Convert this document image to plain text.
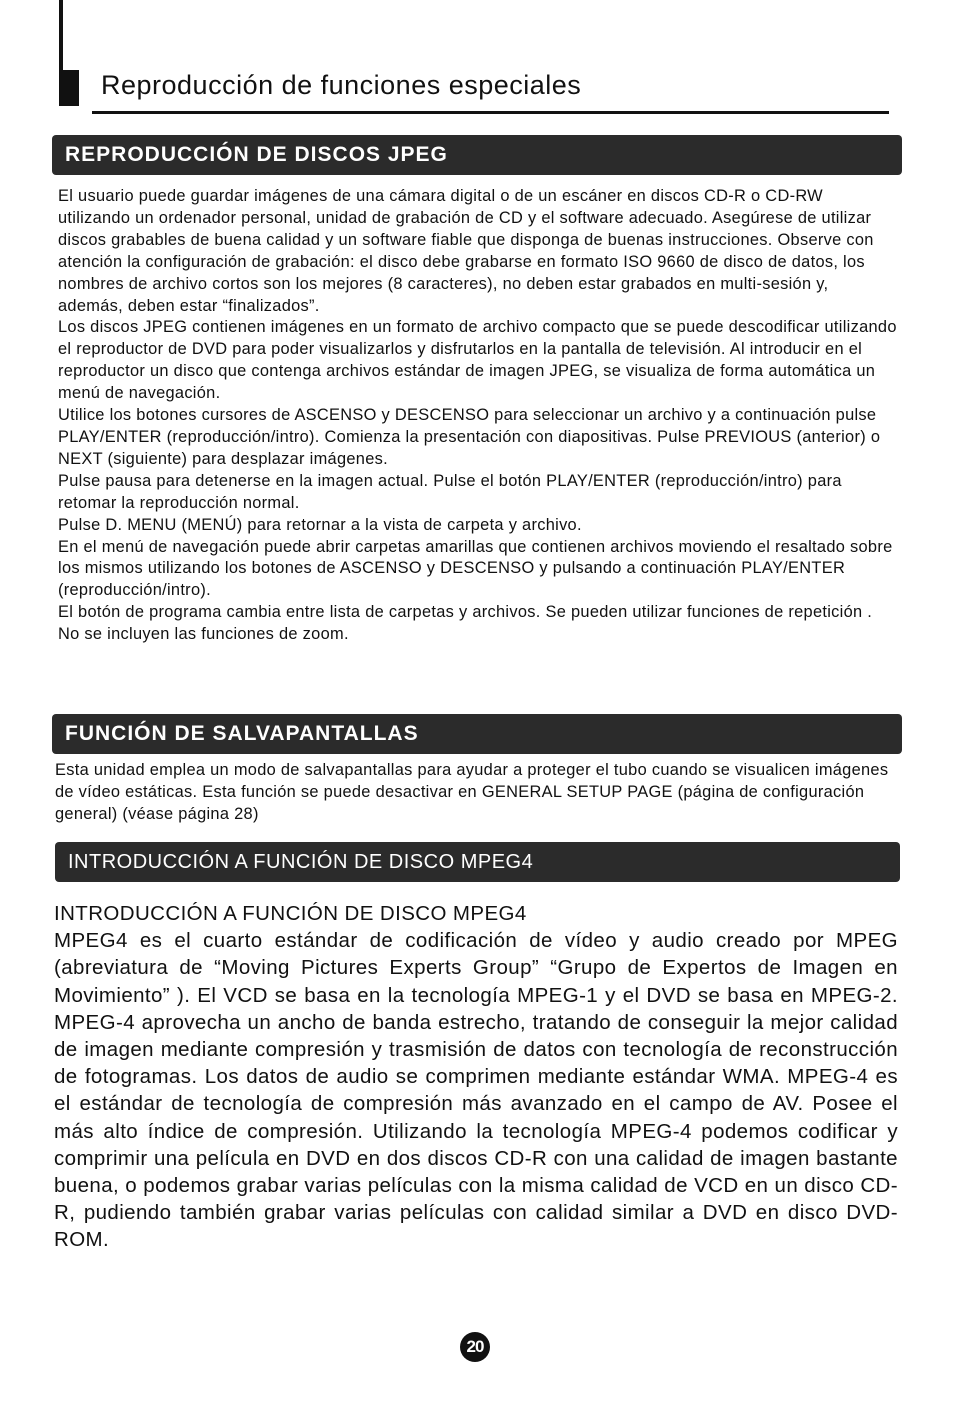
Reproducción de funciones especiales
REPRODUCCIÓN DE DISCOS JPEG

El usuario puede guardar imágenes de una cámara digital o de un escáner en discos CD-R o CD-RW utilizando un ordenador personal, unidad de grabación de CD y el software adecuado. Asegúrese de utilizar discos grabables de buena calidad y un software fiable que disponga de buenas instrucciones. Observe con atención la configuración de grabación: el disco debe grabarse en formato ISO 9660 de disco de datos, los nombres de archivo cortos son los mejores (8 caracteres), no deben estar grabados en multi-sesión y, además, deben estar “finalizados”.

Los discos JPEG contienen imágenes en un formato de archivo compacto que se puede descodificar utilizando el reproductor de DVD para poder visualizarlos y disfrutarlos en la pantalla de televisión. Al introducir en el reproductor un disco que contenga archivos estándar de imagen JPEG, se visualiza de forma automática un menú de navegación.

Utilice los botones cursores de ASCENSO y DESCENSO para seleccionar un archivo y a continuación pulse PLAY/ENTER (reproducción/intro). Comienza la presentación con diapositivas. Pulse PREVIOUS (anterior) o NEXT (siguiente) para desplazar imágenes.

Pulse pausa para detenerse en la imagen actual. Pulse el botón PLAY/ENTER (reproducción/intro) para retomar la reproducción normal.

Pulse D. MENU (MENÚ) para retornar a la vista de carpeta y archivo.

En el menú de navegación puede abrir carpetas amarillas que contienen archivos moviendo el resaltado sobre los mismos utilizando los botones de ASCENSO y DESCENSO y pulsando a continuación PLAY/ENTER (reproducción/intro).

El botón de programa cambia entre lista de carpetas y archivos. Se pueden utilizar funciones de repetición .

No se incluyen las funciones de zoom.

FUNCIÓN DE SALVAPANTALLAS

Esta unidad emplea un modo de salvapantallas para ayudar a proteger el tubo cuando se visualicen imágenes de vídeo estáticas. Esta función se puede desactivar en GENERAL SETUP PAGE (página de configuración general) (véase página 28)

INTRODUCCIÓN A FUNCIÓN DE DISCO MPEG4

INTRODUCCIÓN A FUNCIÓN DE DISCO MPEG4

MPEG4 es el cuarto estándar de codificación de vídeo y audio creado por MPEG (abreviatura de “Moving Pictures Experts Group” “Grupo de Expertos de Imagen en Movimiento” ). El VCD se basa en la tecnología MPEG-1 y el DVD se basa en MPEG-2. MPEG-4 aprovecha un ancho de banda estrecho, tratando de conseguir la mejor calidad de imagen mediante compresión y trasmisión de datos con tecnología de reconstrucción de fotogramas. Los datos de audio se comprimen mediante estándar WMA. MPEG-4 es el estándar de tecnología de compresión más avanzado en el campo de AV. Posee el más alto índice de compresión. Utilizando la tecnología MPEG-4 podemos codificar y comprimir una película en DVD en dos discos CD-R con una calidad de imagen bastante buena, o podemos grabar varias películas con la misma calidad de VCD en un disco CD-R, pudiendo también grabar varias películas con calidad similar a DVD en disco DVD-ROM.

20
